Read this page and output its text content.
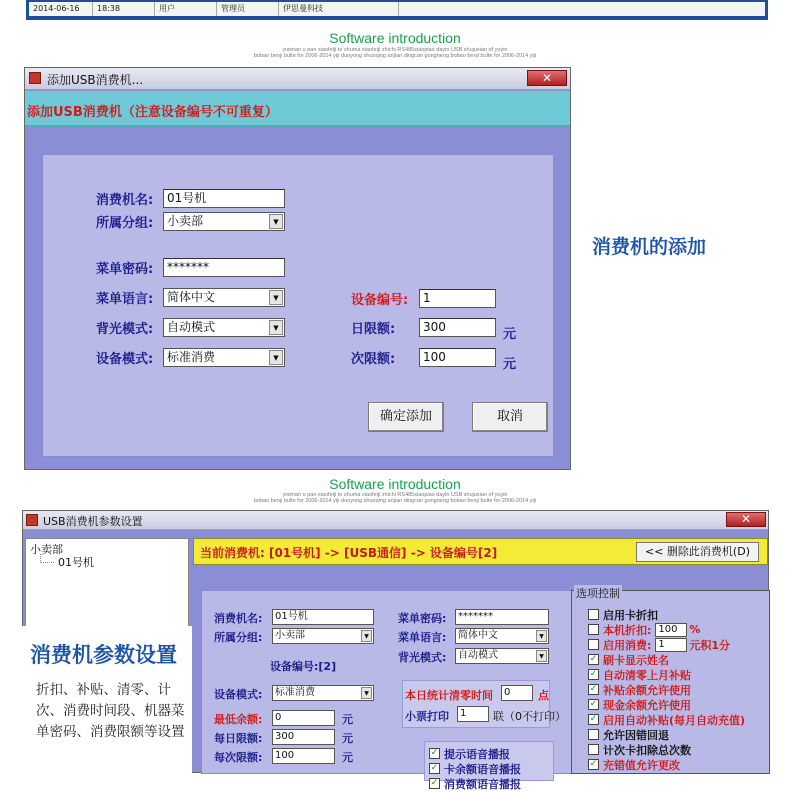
2014-06-16	18:38	用户	管理员	伊思曼科技
Software introduction
yiximan u pan xiaofeiji to shuma xiaofeiji zhichi RS485xiaopiao dayin USB shujuxian of yuyin
bobao benji bulte for 2006-2014 yiji duoyong shuoqing anjian dingcan gongneng bobao benji bulte for 2006-2014 yiji
添加USB消费机...	✕
添加USB消费机（注意设备编号不可重复）
消费机名:	01号机
所属分组:	小卖部	▼
菜单密码:	*******
菜单语言:	简体中文	▼
背光模式:	自动模式	▼
设备模式:	标准消费	▼
设备编号:	1
日限额:	300	元
次限额:	100	元
确定添加	取消
消费机的添加
Software introduction
yiximan u pan xiaofeiji to shuma xiaofeiji zhichi RS485xiaopiao dayin USB shujuxian of yuyin
bobao benji bulte for 2006-2014 yiji duoyong shuoqing anjian dingcan gongneng bobao benji bulte for 2006-2014 yiji
USB消费机参数设置	✕
小卖部
01号机
当前消费机: [01号机] -> [USB通信] -> 设备编号[2]	<< 删除此消费机(D)
消费机名:	01号机
所属分组:	小卖部	▼
设备编号:[2]
设备模式:	标准消费	▼
最低余额:	0	元
每日限额:	300	元
每次限额:	100	元
菜单密码:	*******
菜单语言:	简体中文	▼
背光模式:	自动模式	▼
本日统计清零时间	0	点
小票打印	1	联（0不打印）
✓ 提示语音播报
✓ 卡余额语音播报
✓ 消费额语音播报
选项控制
启用卡折扣
本机折扣: 100	%
启用消费: 1	元积1分
✓ 刷卡显示姓名
✓ 自动清零上月补贴
✓ 补贴余额允许使用
✓ 现金余额允许使用
✓ 启用自动补贴(每月自动充值)
允许因错回退
计次卡扣除总次数
✓ 充错值允许更改
消费机参数设置
折扣、补贴、清零、计次、消费时间段、机器菜单密码、消费限额等设置
